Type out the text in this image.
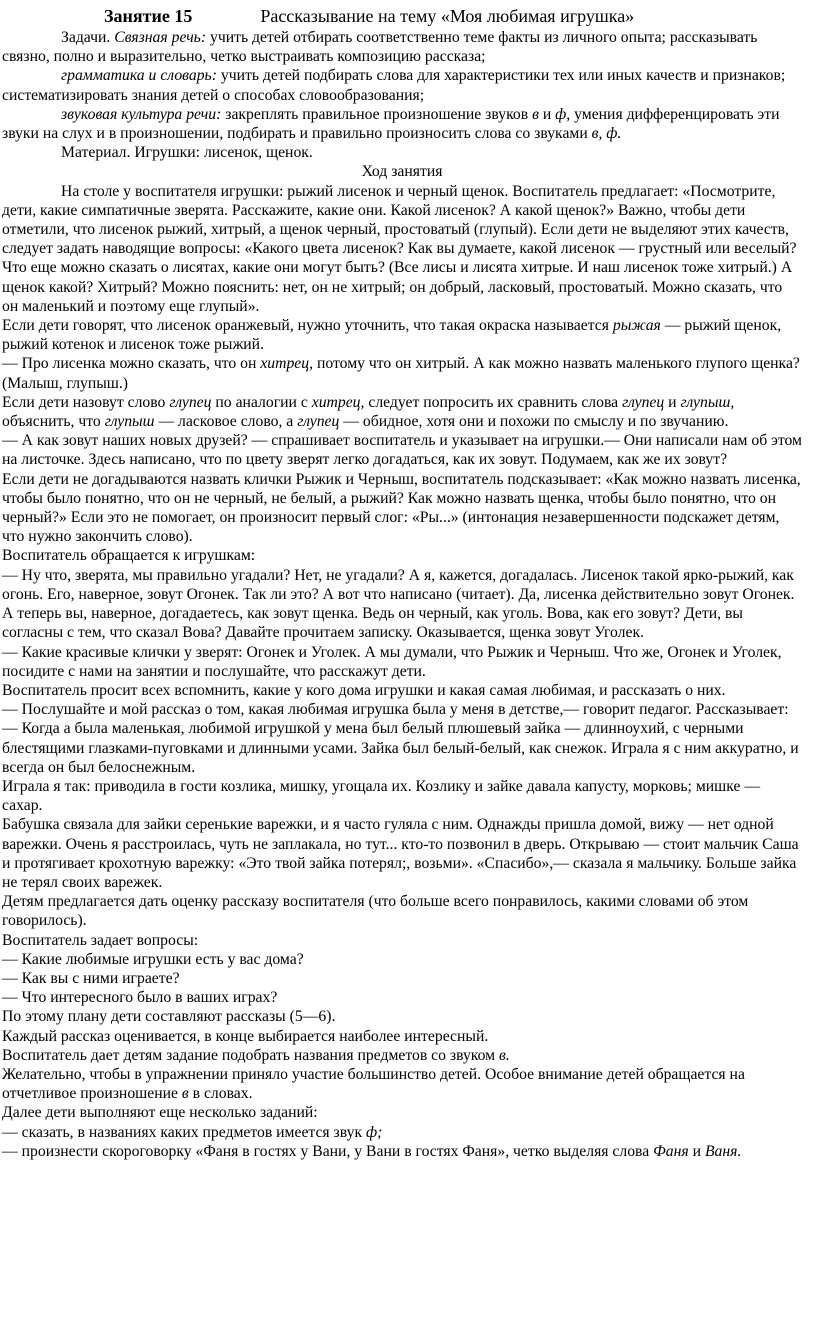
Занятие 15	Рассказывание на тему «Моя любимая игрушка»

Задачи. Связная речь: учить детей отбирать соответственно теме факты из личного опыта; рассказывать связно, полно и выразительно, четко выстраивать композицию рассказа;

грамматика и словарь: учить детей подбирать слова для характеристики тех или иных качеств и признаков; систематизировать знания детей о способах словообразования;

звуковая культура речи: закреплять правильное произношение звуков в и ф, умения дифференцировать эти звуки на слух и в произношении, подбирать и правильно произносить слова со звуками в, ф.

Материал. Игрушки: лисенок, щенок.

Ход занятия

На столе у воспитателя игрушки: рыжий лисенок и черный щенок. Воспитатель предлагает: «Посмотрите, дети, какие симпатичные зверята. Расскажите, какие они. Какой лисенок? А какой щенок?» Важно, чтобы дети отметили, что лисенок рыжий, хитрый, а щенок черный, простоватый (глупый). Если дети не выделяют этих качеств, следует задать наводящие вопросы: «Какого цвета лисенок? Как вы думаете, какой лисенок — грустный или веселый? Что еще можно сказать о лисятах, какие они могут быть? (Все лисы и лисята хитрые. И наш лисенок тоже хитрый.) А щенок какой? Хитрый? Можно пояснить: нет, он не хитрый; он добрый, ласковый, простоватый. Можно сказать, что он маленький и поэтому еще глупый».

Если дети говорят, что лисенок оранжевый, нужно уточнить, что такая окраска называется рыжая — рыжий щенок, рыжий котенок и лисенок тоже рыжий.

— Про лисенка можно сказать, что он хитрец, потому что он хитрый. А как можно назвать маленького глупого щенка? (Малыш, глупыш.)

Если дети назовут слово глупец по аналогии с хитрец, следует попросить их сравнить слова глупец и глупыш, объяснить, что глупыш — ласковое слово, а глупец — обидное, хотя они и похожи по смыслу и по звучанию.

— А как зовут наших новых друзей? — спрашивает воспитатель и указывает на игрушки.— Они написали нам об этом на листочке. Здесь написано, что по цвету зверят легко догадаться, как их зовут. Подумаем, как же их зовут?

Если дети не догадываются назвать клички Рыжик и Черныш, воспитатель подсказывает: «Как можно назвать лисенка, чтобы было понятно, что он не черный, не белый, а рыжий? Как можно назвать щенка, чтобы было понятно, что он черный?» Если это не помогает, он произносит первый слог: «Ры...» (интонация незавершенности подскажет детям, что нужно закончить слово).

Воспитатель обращается к игрушкам:

— Ну что, зверята, мы правильно угадали? Нет, не угадали? А я, кажется, догадалась. Лисенок такой ярко-рыжий, как огонь. Его, наверное, зовут Огонек. Так ли это? А вот что написано (читает). Да, лисенка действительно зовут Огонек. А теперь вы, наверное, догадаетесь, как зовут щенка. Ведь он черный, как уголь. Вова, как его зовут? Дети, вы согласны с тем, что сказал Вова? Давайте прочитаем записку. Оказывается, щенка зовут Уголек.

— Какие красивые клички у зверят: Огонек и Уголек. А мы думали, что Рыжик и Черныш. Что же, Огонек и Уголек, посидите с нами на занятии и послушайте, что расскажут дети.

Воспитатель просит всех вспомнить, какие у кого дома игрушки и какая самая любимая, и рассказать о них.

— Послушайте и мой рассказ о том, какая любимая игрушка была у меня в детстве,— говорит педагог. Рассказывает:

— Когда а была маленькая, любимой игрушкой у мена был белый плюшевый зайка — длинноухий, с черными блестящими глазками-пуговками и длинными усами. Зайка был белый-белый, как снежок. Играла я с ним аккуратно, и всегда он был белоснежным.

Играла я так: приводила в гости козлика, мишку, угощала их. Козлику и зайке давала капусту, морковь; мишке — сахар.

Бабушка связала для зайки серенькие варежки, и я часто гуляла с ним. Однажды пришла домой, вижу — нет одной варежки. Очень я расстроилась, чуть не заплакала, но тут... кто-то позвонил в дверь. Открываю — стоит мальчик Саша и протягивает крохотную варежку: «Это твой зайка потерял;, возьми». «Спасибо»,— сказала я мальчику. Больше зайка не терял своих варежек.

Детям предлагается дать оценку рассказу воспитателя (что больше всего понравилось, какими словами об этом говорилось).

Воспитатель задает вопросы:

— Какие любимые игрушки есть у вас дома?

— Как вы с ними играете?

— Что интересного было в ваших играх?

По этому плану дети составляют рассказы (5—6).

Каждый рассказ оценивается, в конце выбирается наиболее интересный.

Воспитатель дает детям задание подобрать названия предметов со звуком в.

Желательно, чтобы в упражнении приняло участие большинство детей. Особое внимание детей обращается на отчетливое произношение в в словах.

Далее дети выполняют еще несколько заданий:

— сказать, в названиях каких предметов имеется звук ф;

— произнести скороговорку «Фаня в гостях у Вани, у Вани в гостях Фаня», четко выделяя слова Фаня и Ваня.
